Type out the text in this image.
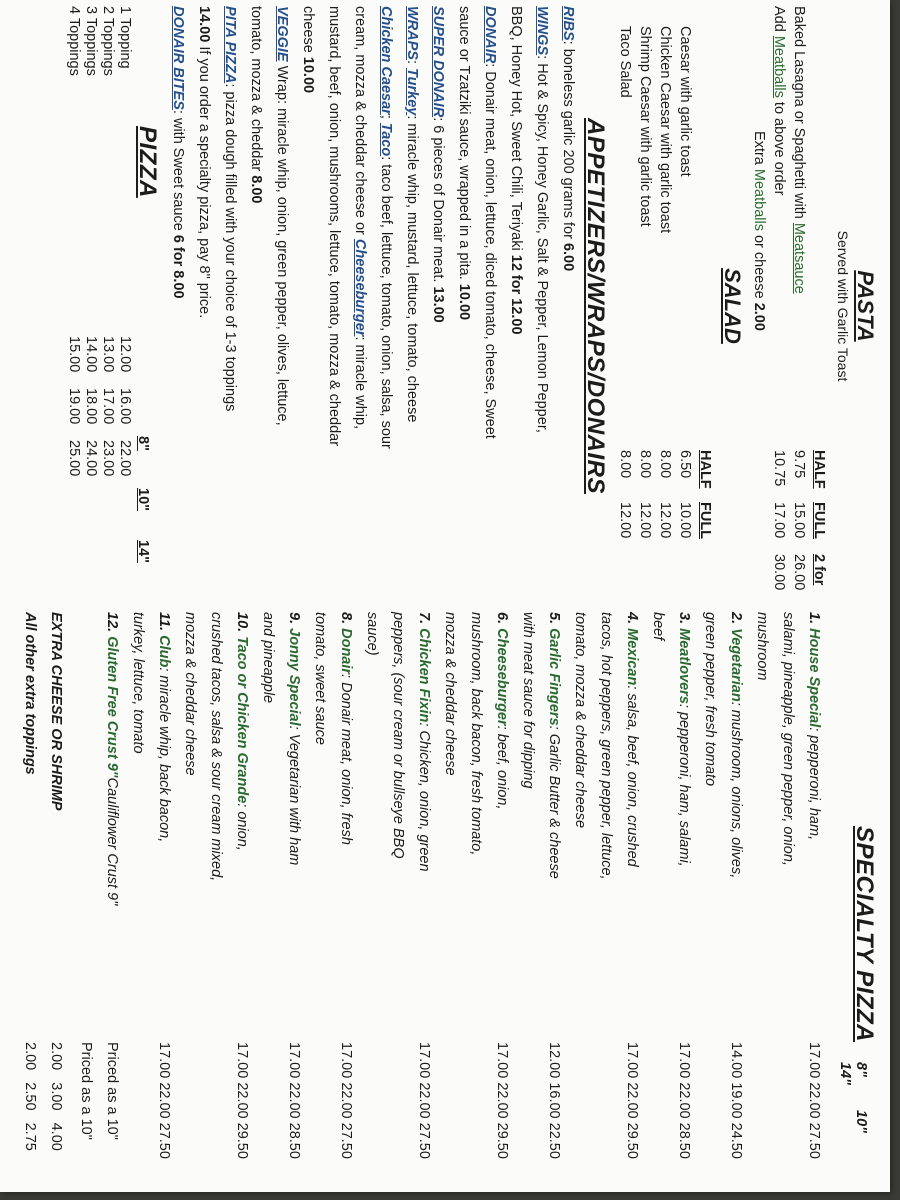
PASTA

Served with Garlic Toast

HALF
FULL
2 for
Baked Lasagna or Spaghetti with Meatsauce
9.75
15.00
26.00
Add Meatballs to above order
10.75
17.00
30.00
Extra Meatballs or cheese 2.00

SALAD

HALF
FULL
Caesar with garlic toast
6.50
10.00
Chicken Caesar with garlic toast
8.00
12.00
Shrimp Caesar with garlic toast
8.00
12.00
Taco Salad
8.00
12.00

APPETIZERS/WRAPS/DONAIRS

RIBS: boneless garlic 200 grams for 6.00
WINGS: Hot & Spicy, Honey Garlic, Salt & Pepper, Lemon Pepper,
BBQ, Honey Hot, Sweet Chili, Teriyaki 12 for 12.00
DONAIR: Donair meat, onion, lettuce, diced tomato, cheese, Sweet
sauce or Tzatziki sauce, wrapped in a pita. 10.00
SUPER DONAIR: 6 pieces of Donair meat. 13.00
WRAPS: Turkey: miracle whip, mustard, lettuce, tomato, cheese
Chicken Caesar; Taco: taco beef, lettuce, tomato, onion, salsa, sour
cream, mozza & cheddar cheese or Cheeseburger: miracle whip,
mustard, beef, onion, mushrooms, lettuce, tomato, mozza & cheddar
cheese 10.00
VEGGIE Wrap: miracle whip, onion, green pepper, olives, lettuce,
tomato, mozza & cheddar 8.00
PITA PIZZA: pizza dough filled with your choice of 1-3 toppings
14.00 If you order a specialty pizza, pay 8" price.
DONAIR BITES: with Sweet sauce 6 for 8.00

PIZZA

8"
10"
14"
1 Topping
12.00
16.00
22.00
2 Toppings
13.00
17.00
23.00
3 Toppings
14.00
18.00
24.00
4 Toppings
15.00
19.00
25.00
SPECIALTY PIZZA
8"10"14"
1. House Special: pepperoni, ham,
salami, pineapple, green pepper, onion,
mushroom
17.00 22.00 27.50
2. Vegetarian: mushroom, onions, olives,
green pepper, fresh tomato
14.00 19.00 24.50
3. Meatlovers: pepperoni, ham, salami,
beef
17.00 22.00 28.50
4. Mexican: salsa, beef, onion, crushed
tacos, hot peppers, green pepper, lettuce,
tomato, mozza & cheddar cheese
17.00 22.00 29.50
5. Garlic Fingers: Garlic Butter & cheese
with meat sauce for dipping
12.00 16.00 22.50
6. Cheeseburger: beef, onion,
mushroom, back bacon, fresh tomato,
mozza & cheddar cheese
17.00 22.00 29.50
7. Chicken Fixin: Chicken, onion, green
peppers, (sour cream or bullseye BBQ
sauce)
17.00 22.00 27.50
8. Donair: Donair meat, onion, fresh
tomato, sweet sauce
17.00 22.00 27.50
9. Jonny Special: Vegetarian with ham
and pineapple
17.00 22.00 28.50
10. Taco or Chicken Grande: onion,
crushed tacos, salsa & sour cream mixed,
mozza & cheddar cheese
17.00 22.00 29.50
11. Club: miracle whip, back bacon,
turkey, lettuce, tomato
17.00 22.00 27.50
12. Gluten Free Crust 9"Cauliflower Crust 9"
Priced as a 10"
Priced as a 10"
EXTRA CHEESE OR SHRIMP
2.00   3.00   4.00
All other extra toppings
2.00   2.50   2.75
